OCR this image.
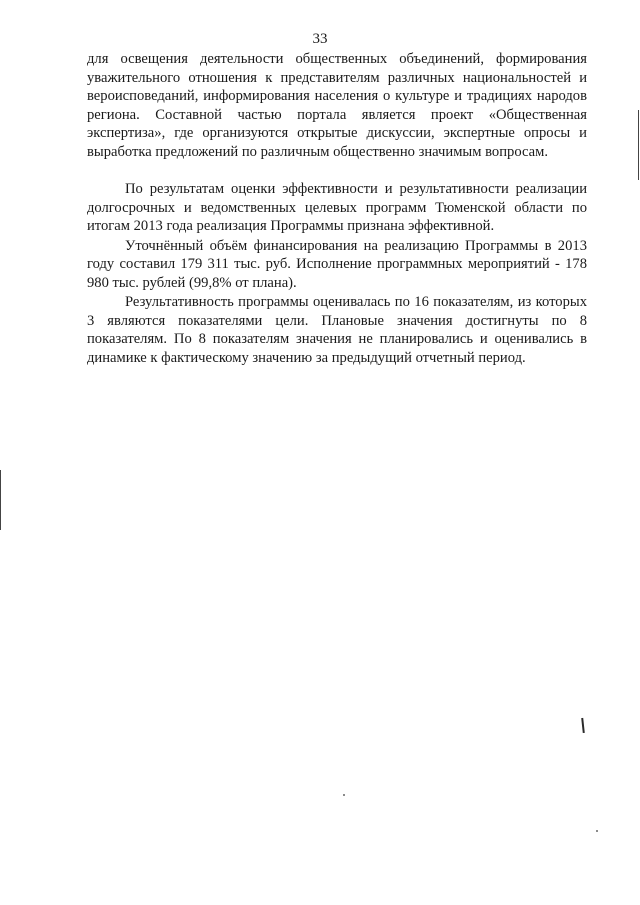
33

для освещения деятельности общественных объединений, формирования уважительного отношения к представителям различных национальностей и вероисповеданий, информирования населения о культуре и традициях народов региона. Составной частью портала является проект «Общественная экспертиза», где организуются открытые дискуссии, экспертные опросы и выработка предложений по различным общественно значимым вопросам.

По результатам оценки эффективности и результативности реализации долгосрочных и ведомственных целевых программ Тюменской области по итогам 2013 года реализация Программы признана эффективной.

Уточнённый объём финансирования на реализацию Программы в 2013 году составил 179 311 тыс. руб. Исполнение программных мероприятий - 178 980 тыс. рублей (99,8% от плана).

Результативность программы оценивалась по 16 показателям, из которых 3 являются показателями цели. Плановые значения достигнуты по 8 показателям. По 8 показателям значения не планировались и оценивались в динамике к фактическому значению за предыдущий отчетный период.
